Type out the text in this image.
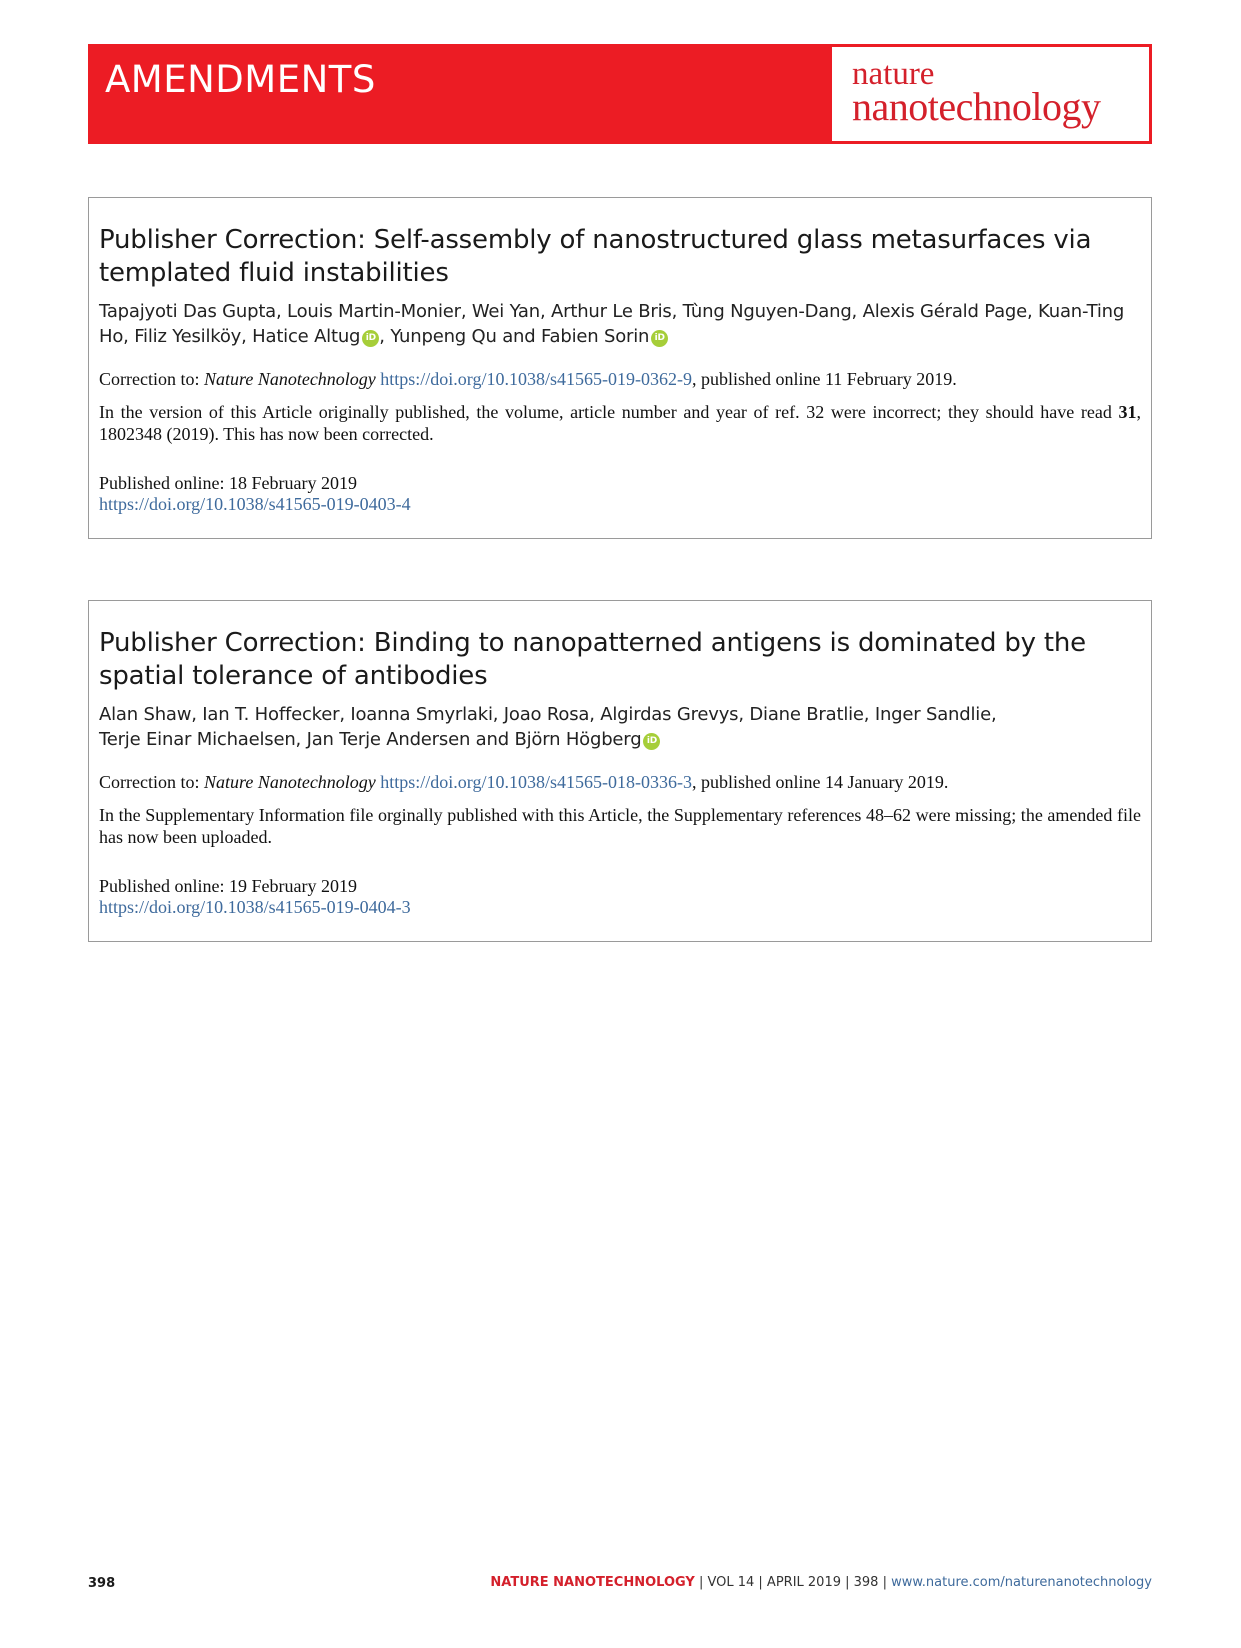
AMENDMENTS	nature
nanotechnology
Publisher Correction: Self-assembly of nanostructured glass metasurfaces via templated fluid instabilities
Tapajyoti Das Gupta, Louis Martin-Monier, Wei Yan, Arthur Le Bris, Tùng Nguyen-Dang, Alexis Gérald Page, Kuan-Ting Ho, Filiz Yesilköy, Hatice Altug iD , Yunpeng Qu and Fabien Sorin iD
Correction to: Nature Nanotechnology https://doi.org/10.1038/s41565-019-0362-9, published online 11 February 2019.
In the version of this Article originally published, the volume, article number and year of ref. 32 were incorrect; they should have read 31, 1802348 (2019). This has now been corrected.
Published online: 18 February 2019
https://doi.org/10.1038/s41565-019-0403-4
Publisher Correction: Binding to nanopatterned antigens is dominated by the spatial tolerance of antibodies
Alan Shaw, Ian T. Hoffecker, Ioanna Smyrlaki, Joao Rosa, Algirdas Grevys, Diane Bratlie, Inger Sandlie,
Terje Einar Michaelsen, Jan Terje Andersen and Björn Högberg iD
Correction to: Nature Nanotechnology https://doi.org/10.1038/s41565-018-0336-3, published online 14 January 2019.
In the Supplementary Information file orginally published with this Article, the Supplementary references 48–62 were missing; the amended file has now been uploaded.
Published online: 19 February 2019
https://doi.org/10.1038/s41565-019-0404-3
398	NATURE NANOTECHNOLOGY | VOL 14 | APRIL 2019 | 398 | www.nature.com/naturenanotechnology
